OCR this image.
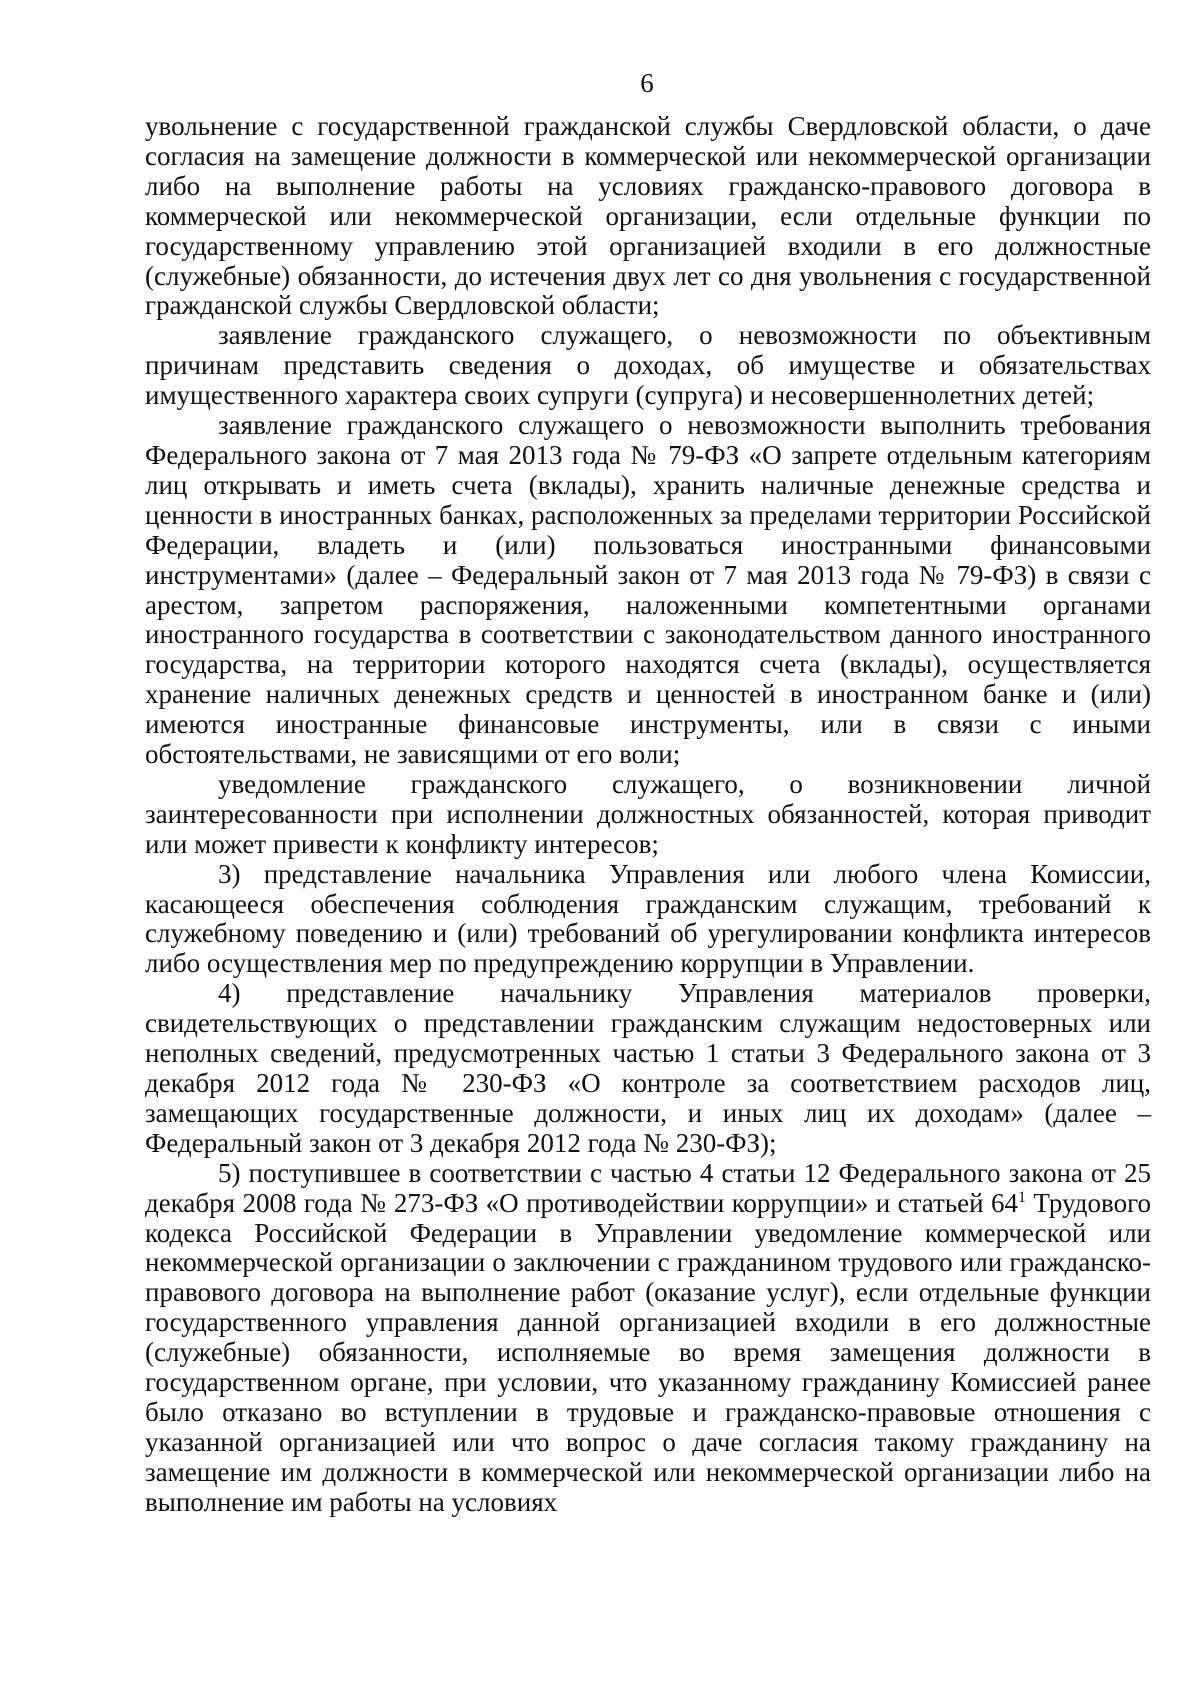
6

увольнение с государственной гражданской службы Свердловской области, о даче согласия на замещение должности в коммерческой или некоммерческой организации либо на выполнение работы на условиях гражданско-правового договора в коммерческой или некоммерческой организации, если отдельные функции по государственному управлению этой организацией входили в его должностные (служебные) обязанности, до истечения двух лет со дня увольнения с государственной гражданской службы Свердловской области;

заявление гражданского служащего, о невозможности по объективным причинам представить сведения о доходах, об имуществе и обязательствах имущественного характера своих супруги (супруга) и несовершеннолетних детей;

заявление гражданского служащего о невозможности выполнить требования Федерального закона от 7 мая 2013 года № 79-ФЗ «О запрете отдельным категориям лиц открывать и иметь счета (вклады), хранить наличные денежные средства и ценности в иностранных банках, расположенных за пределами территории Российской Федерации, владеть и (или) пользоваться иностранными финансовыми инструментами» (далее – Федеральный закон от 7 мая 2013 года № 79-ФЗ) в связи с арестом, запретом распоряжения, наложенными компетентными органами иностранного государства в соответствии с законодательством данного иностранного государства, на территории которого находятся счета (вклады), осуществляется хранение наличных денежных средств и ценностей в иностранном банке и (или) имеются иностранные финансовые инструменты, или в связи с иными обстоятельствами, не зависящими от его воли;

уведомление гражданского служащего, о возникновении личной заинтересованности при исполнении должностных обязанностей, которая приводит или может привести к конфликту интересов;

3) представление начальника Управления или любого члена Комиссии, касающееся обеспечения соблюдения гражданским служащим, требований к служебному поведению и (или) требований об урегулировании конфликта интересов либо осуществления мер по предупреждению коррупции в Управлении.

4) представление начальнику Управления материалов проверки, свидетельствующих о представлении гражданским служащим недостоверных или неполных сведений, предусмотренных частью 1 статьи 3 Федерального закона от 3 декабря 2012 года № 230-ФЗ «О контроле за соответствием расходов лиц, замещающих государственные должности, и иных лиц их доходам» (далее – Федеральный закон от 3 декабря 2012 года № 230-ФЗ);

5) поступившее в соответствии с частью 4 статьи 12 Федерального закона от 25 декабря 2008 года № 273-ФЗ «О противодействии коррупции» и статьей $64^1$ Трудового кодекса Российской Федерации в Управлении уведомление коммерческой или некоммерческой организации о заключении с гражданином трудового или гражданско-правового договора на выполнение работ (оказание услуг), если отдельные функции государственного управления данной организацией входили в его должностные (служебные) обязанности, исполняемые во время замещения должности в государственном органе, при условии, что указанному гражданину Комиссией ранее было отказано во вступлении в трудовые и гражданско-правовые отношения с указанной организацией или что вопрос о даче согласия такому гражданину на замещение им должности в коммерческой или некоммерческой организации либо на выполнение им работы на условиях
